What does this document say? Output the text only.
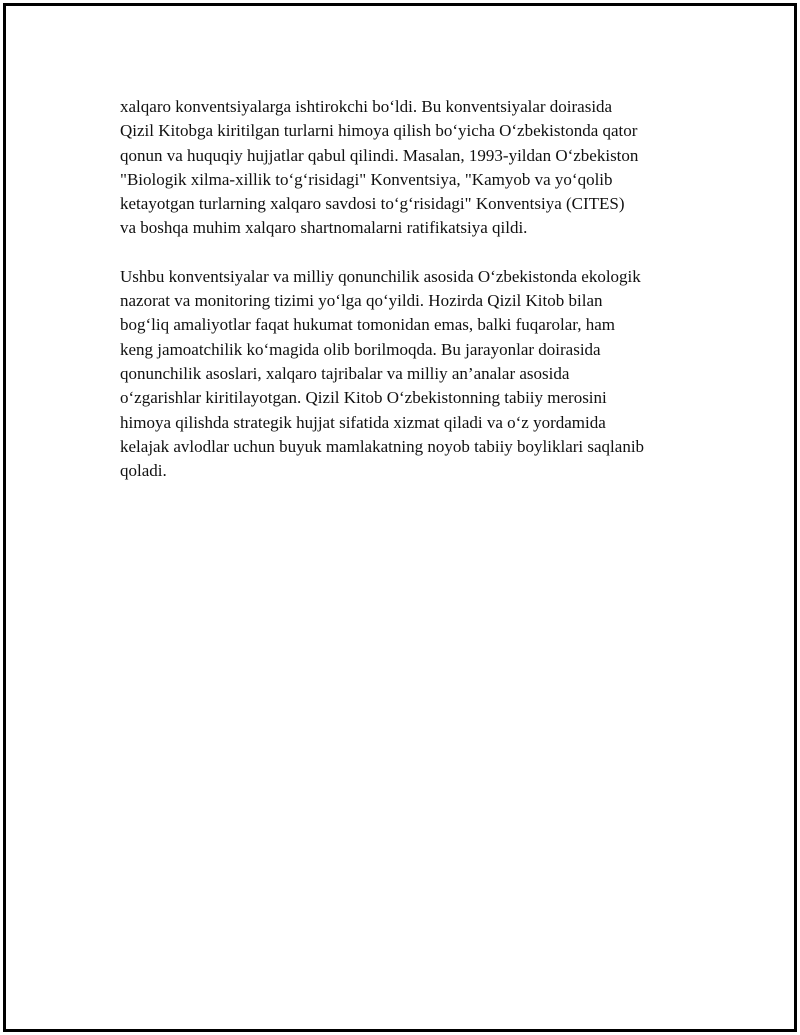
xalqaro konventsiyalarga ishtirokchi bo‘ldi. Bu konventsiyalar doirasida
Qizil Kitobga kiritilgan turlarni himoya qilish bo‘yicha O‘zbekistonda qator
qonun va huquqiy hujjatlar qabul qilindi. Masalan, 1993-yildan O‘zbekiston
"Biologik xilma-xillik to‘g‘risidagi" Konventsiya, "Kamyob va yo‘qolib
ketayotgan turlarning xalqaro savdosi to‘g‘risidagi" Konventsiya (CITES)
va boshqa muhim xalqaro shartnomalarni ratifikatsiya qildi.

Ushbu konventsiyalar va milliy qonunchilik asosida O‘zbekistonda ekologik
nazorat va monitoring tizimi yo‘lga qo‘yildi. Hozirda Qizil Kitob bilan
bog‘liq amaliyotlar faqat hukumat tomonidan emas, balki fuqarolar, ham
keng jamoatchilik ko‘magida olib borilmoqda. Bu jarayonlar doirasida
qonunchilik asoslari, xalqaro tajribalar va milliy an’analar asosida
o‘zgarishlar kiritilayotgan. Qizil Kitob O‘zbekistonning tabiiy merosini
himoya qilishda strategik hujjat sifatida xizmat qiladi va o‘z yordamida
kelajak avlodlar uchun buyuk mamlakatning noyob tabiiy boyliklari saqlanib
qoladi.
